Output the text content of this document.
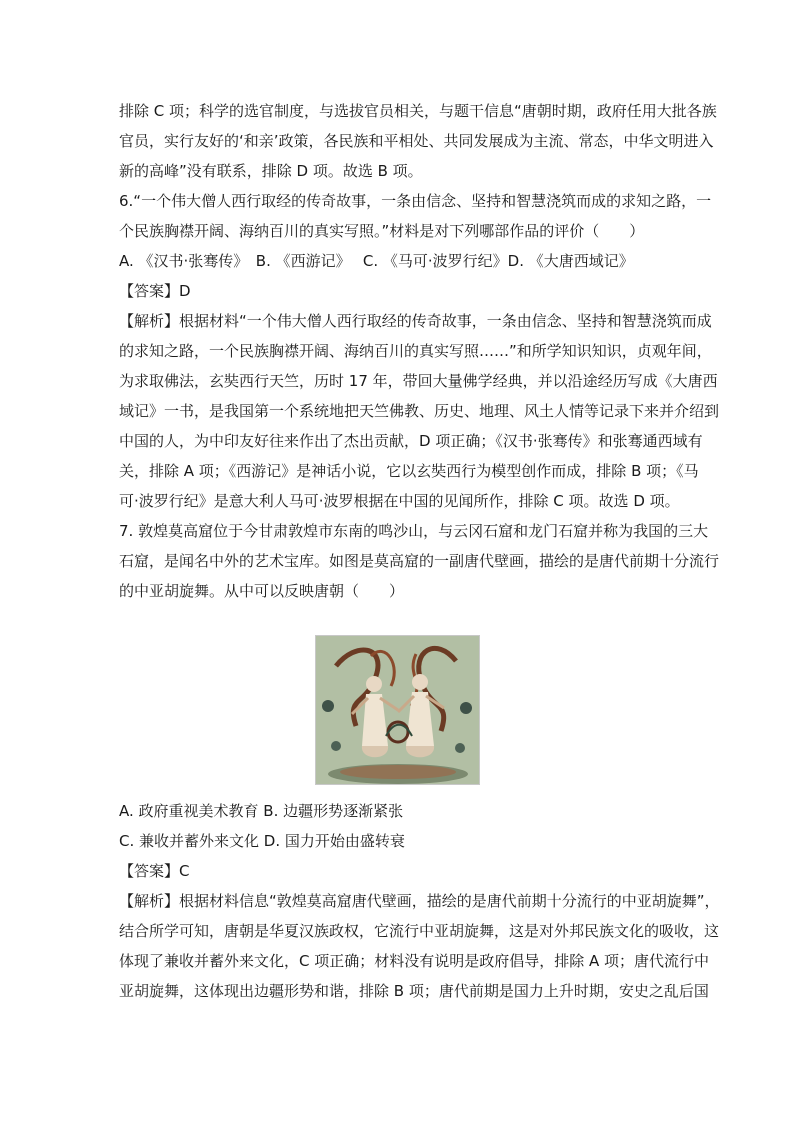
排除 C 项；科学的选官制度，与选拔官员相关，与题干信息“唐朝时期，政府任用大批各族
官员，实行友好的‘和亲’政策，各民族和平相处、共同发展成为主流、常态，中华文明进入
新的高峰”没有联系，排除 D 项。故选 B 项。
6.“一个伟大僧人西行取经的传奇故事，一条由信念、坚持和智慧浇筑而成的求知之路，一
个民族胸襟开阔、海纳百川的真实写照。”材料是对下列哪部作品的评价（　　）
A. 《汉书·张骞传》　B. 《西游记》　 C. 《马可·波罗行纪》D. 《大唐西域记》
【答案】D
【解析】根据材料“一个伟大僧人西行取经的传奇故事，一条由信念、坚持和智慧浇筑而成
的求知之路，一个民族胸襟开阔、海纳百川的真实写照……”和所学知识知识，贞观年间，
为求取佛法，玄奘西行天竺，历时 17 年，带回大量佛学经典，并以沿途经历写成《大唐西
域记》一书，是我国第一个系统地把天竺佛教、历史、地理、风土人情等记录下来并介绍到
中国的人，为中印友好往来作出了杰出贡献，D 项正确；《汉书·张骞传》和张骞通西域有
关，排除 A 项；《西游记》是神话小说，它以玄奘西行为模型创作而成，排除 B 项；《马
可·波罗行纪》是意大利人马可·波罗根据在中国的见闻所作，排除 C 项。故选 D 项。
7. 敦煌莫高窟位于今甘肃敦煌市东南的鸣沙山，与云冈石窟和龙门石窟并称为我国的三大
石窟，是闻名中外的艺术宝库。如图是莫高窟的一副唐代壁画，描绘的是唐代前期十分流行
的中亚胡旋舞。从中可以反映唐朝（　　）
A. 政府重视美术教育 B. 边疆形势逐渐紧张
C. 兼收并蓄外来文化 D. 国力开始由盛转衰
【答案】C
【解析】根据材料信息“敦煌莫高窟唐代壁画，描绘的是唐代前期十分流行的中亚胡旋舞”，
结合所学可知，唐朝是华夏汉族政权，它流行中亚胡旋舞，这是对外邦民族文化的吸收，这
体现了兼收并蓄外来文化，C 项正确；材料没有说明是政府倡导，排除 A 项；唐代流行中
亚胡旋舞，这体现出边疆形势和谐，排除 B 项；唐代前期是国力上升时期，安史之乱后国
